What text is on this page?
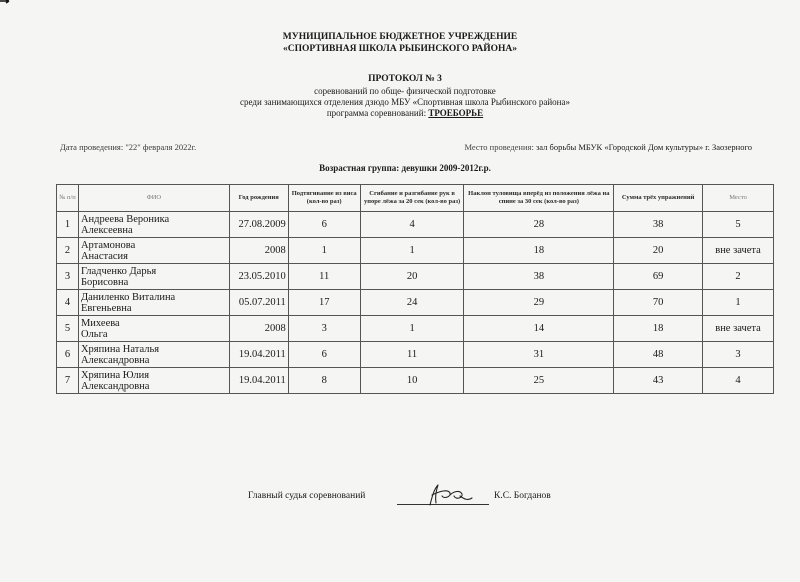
МУНИЦИПАЛЬНОЕ БЮДЖЕТНОЕ УЧРЕЖДЕНИЕ
«СПОРТИВНАЯ ШКОЛА РЫБИНСКОГО РАЙОНА»
ПРОТОКОЛ № 3
соревнований по обще- физической подготовке
среди занимающихся отделения дзюдо МБУ «Спортивная школа Рыбинского района»
программа соревнований: ТРОЕБОРЬЕ
Дата проведения: "22" февраля 2022г.	Место проведения: зал борьбы МБУК «Городской Дом культуры» г. Заозерного
Возрастная группа: девушки 2009-2012г.р.
№ п/п	ФИО	Год рождения	Подтягивание из виса (кол-во раз)	Сгибание и разгибание рук в упоре лёжа за 20 сек (кол-во раз)	Наклон туловища вперёд из положения лёжа на спине за 30 сек (кол-во раз)	Сумма трёх упражнений	Место
1	Андреева Вероника
Алексеевна	27.08.2009	6	4	28	38	5
2	Артамонова
Анастасия	2008	1	1	18	20	вне зачета
3	Гладченко Дарья
Борисовна	23.05.2010	11	20	38	69	2
4	Даниленко Виталина
Евгеньевна	05.07.2011	17	24	29	70	1
5	Михеева
Ольга	2008	3	1	14	18	вне зачета
6	Хряпина Наталья
Александровна	19.04.2011	6	11	31	48	3
7	Хряпина Юлия
Александровна	19.04.2011	8	10	25	43	4
Главный судья соревнований	К.С. Богданов
